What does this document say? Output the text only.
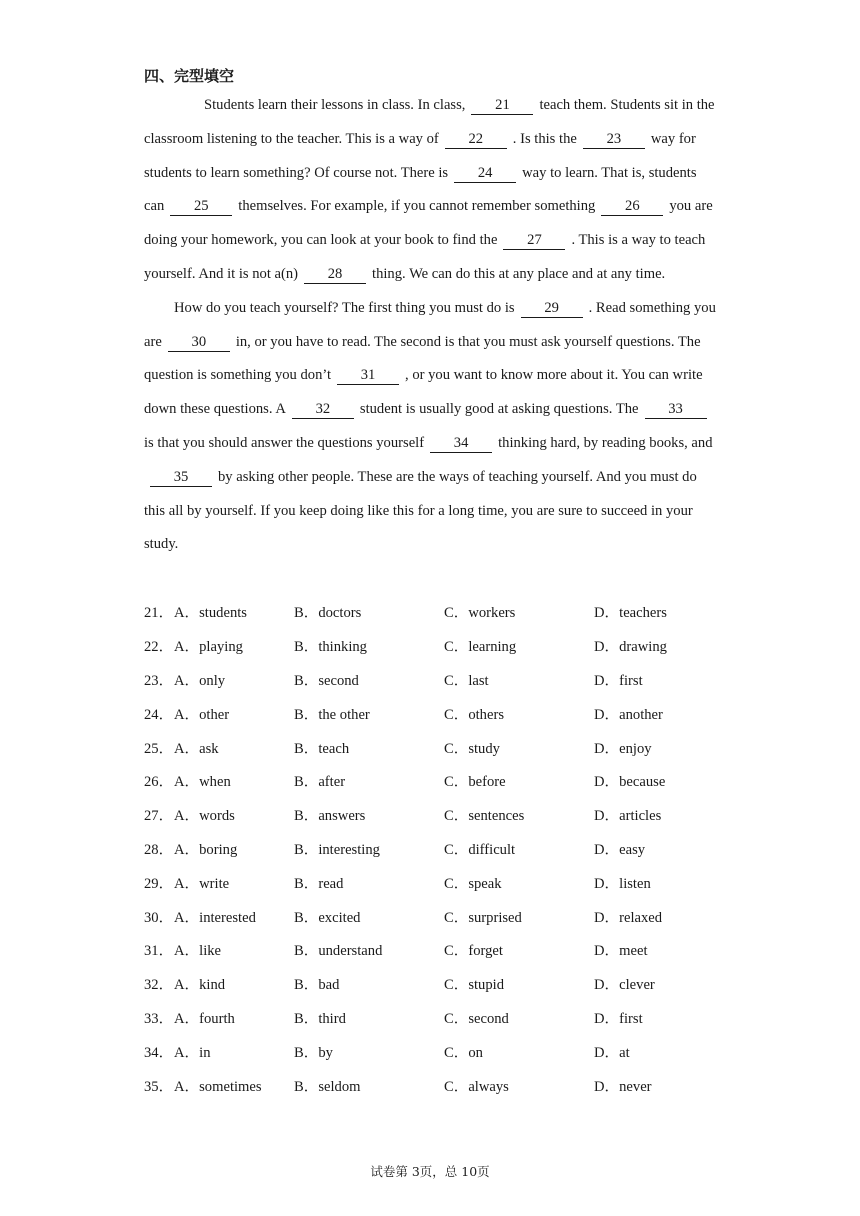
四、完型填空

Students learn their lessons in class. In class, 21 teach them. Students sit in the classroom listening to the teacher. This is a way of 22 . Is this the 23 way for students to learn something? Of course not. There is 24 way to learn. That is, students can 25 themselves. For example, if you cannot remember something 26 you are doing your homework, you can look at your book to find the 27 . This is a way to teach yourself. And it is not a(n) 28 thing. We can do this at any place and at any time.

How do you teach yourself? The first thing you must do is 29 . Read something you are 30 in, or you have to read. The second is that you must ask yourself questions. The question is something you don’t 31 , or you want to know more about it. You can write down these questions. A 32 student is usually good at asking questions. The 33is that you should answer the questions yourself 34 thinking hard, by reading books, and35 by asking other people. These are the ways of teaching yourself. And you must do this all by yourself. If you keep doing like this for a long time, you are sure to succeed in your study.

21． A．students	B．doctors	C．workers	D．teachers
22． A．playing	B．thinking	C．learning	D．drawing
23． A．only	B．second	C．last	D．first
24． A．other	B．the other	C．others	D．another
25． A．ask	B．teach	C．study	D．enjoy
26． A．when	B．after	C．before	D．because
27． A．words	B．answers	C．sentences	D．articles
28． A．boring	B．interesting	C．difficult	D．easy
29． A．write	B．read	C．speak	D．listen
30． A．interested	B．excited	C．surprised	D．relaxed
31． A．like	B．understand	C．forget	D．meet
32． A．kind	B．bad	C．stupid	D．clever
33． A．fourth	B．third	C．second	D．first
34． A．in	B．by	C．on	D．at
35． A．sometimes B．seldom	C．always	D．never
试卷第 3页，总 10页
